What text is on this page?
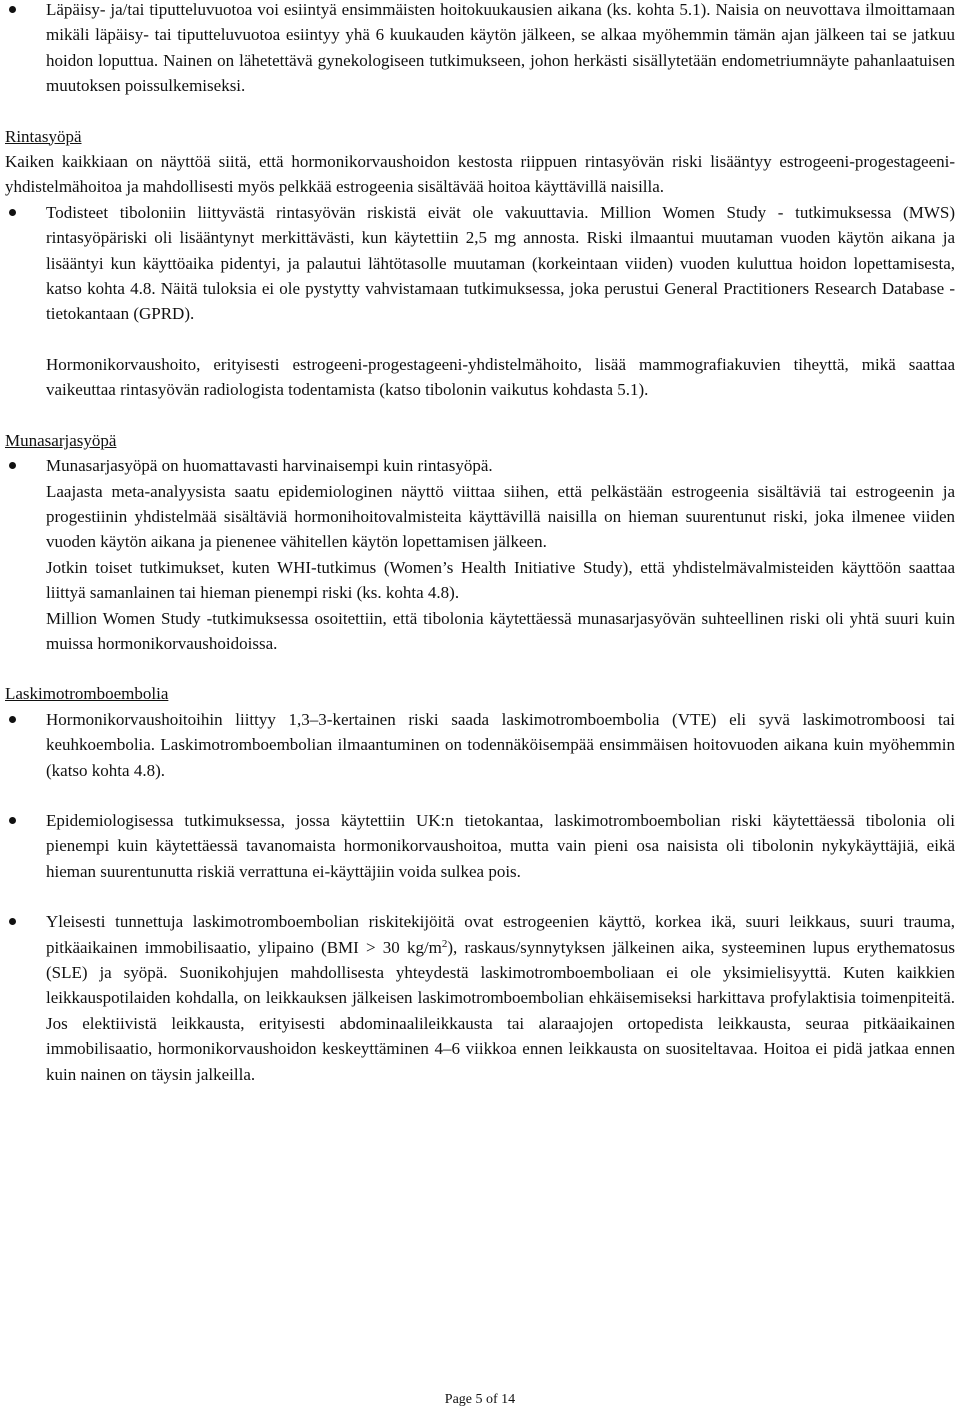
Läpäisy- ja/tai tiputteluvuotoa voi esiintyä ensimmäisten hoitokuukausien aikana (ks. kohta 5.1). Naisia on neuvottava ilmoittamaan mikäli läpäisy- tai tiputteluvuotoa esiintyy yhä 6 kuukauden käytön jälkeen, se alkaa myöhemmin tämän ajan jälkeen tai se jatkuu hoidon loputtua. Nainen on lähetettävä gynekologiseen tutkimukseen, johon herkästi sisällytetään endometriumnäyte pahanlaatuisen muutoksen poissulkemiseksi.
Rintasyöpä
Kaiken kaikkiaan on näyttöä siitä, että hormonikorvaushoidon kestosta riippuen rintasyövän riski lisääntyy estrogeeni-progestageeni-yhdistelmähoitoa ja mahdollisesti myös pelkkää estrogeenia sisältävää hoitoa käyttävillä naisilla.
Todisteet tiboloniin liittyvästä rintasyövän riskistä eivät ole vakuuttavia. Million Women Study - tutkimuksessa (MWS) rintasyöpäriski oli lisääntynyt merkittävästi, kun käytettiin 2,5 mg annosta. Riski ilmaantui muutaman vuoden käytön aikana ja lisääntyi kun käyttöaika pidentyi, ja palautui lähtötasolle muutaman (korkeintaan viiden) vuoden kuluttua hoidon lopettamisesta, katso kohta 4.8. Näitä tuloksia ei ole pystytty vahvistamaan tutkimuksessa, joka perustui General Practitioners Research Database -tietokantaan (GPRD).
Hormonikorvaushoito, erityisesti estrogeeni-progestageeni-yhdistelmähoito, lisää mammografiakuvien tiheyttä, mikä saattaa vaikeuttaa rintasyövän radiologista todentamista (katso tibolonin vaikutus kohdasta 5.1).
Munasarjasyöpä
Munasarjasyöpä on huomattavasti harvinaisempi kuin rintasyöpä.
Laajasta meta-analyysista saatu epidemiologinen näyttö viittaa siihen, että pelkästään estrogeenia sisältäviä tai estrogeenin ja progestiinin yhdistelmää sisältäviä hormonihoitovalmisteita käyttävillä naisilla on hieman suurentunut riski, joka ilmenee viiden vuoden käytön aikana ja pienenee vähitellen käytön lopettamisen jälkeen.
Jotkin toiset tutkimukset, kuten WHI-tutkimus (Women’s Health Initiative Study), että yhdistelmävalmisteiden käyttöön saattaa liittyä samanlainen tai hieman pienempi riski (ks. kohta 4.8).
Million Women Study -tutkimuksessa osoitettiin, että tibolonia käytettäessä munasarjasyövän suhteellinen riski oli yhtä suuri kuin muissa hormonikorvaushoidoissa.
Laskimotromboembolia
Hormonikorvaushoitoihin liittyy 1,3–3-kertainen riski saada laskimotromboembolia (VTE) eli syvä laskimotromboosi tai keuhkoembolia. Laskimotromboembolian ilmaantuminen on todennäköisempää ensimmäisen hoitovuoden aikana kuin myöhemmin (katso kohta 4.8).
Epidemiologisessa tutkimuksessa, jossa käytettiin UK:n tietokantaa, laskimotromboembolian riski käytettäessä tibolonia oli pienempi kuin käytettäessä tavanomaista hormonikorvaushoitoa, mutta vain pieni osa naisista oli tibolonin nykykäyttäjiä, eikä hieman suurentunutta riskiä verrattuna ei-käyttäjiin voida sulkea pois.
Yleisesti tunnettuja laskimotromboembolian riskitekijöitä ovat estrogeenien käyttö, korkea ikä, suuri leikkaus, suuri trauma, pitkäaikainen immobilisaatio, ylipaino (BMI > 30 $kg/m^2$), raskaus/synnytyksen jälkeinen aika, systeeminen lupus erythematosus (SLE) ja syöpä. Suonikohjujen mahdollisesta yhteydestä laskimotromboemboliaan ei ole yksimielisyyttä. Kuten kaikkien leikkauspotilaiden kohdalla, on leikkauksen jälkeisen laskimotromboembolian ehkäisemiseksi harkittava profylaktisia toimenpiteitä. Jos elektiivistä leikkausta, erityisesti abdominaalileikkausta tai alaraajojen ortopedista leikkausta, seuraa pitkäaikainen immobilisaatio, hormonikorvaushoidon keskeyttäminen 4–6 viikkoa ennen leikkausta on suositeltavaa. Hoitoa ei pidä jatkaa ennen kuin nainen on täysin jalkeilla.
Page 5 of 14
